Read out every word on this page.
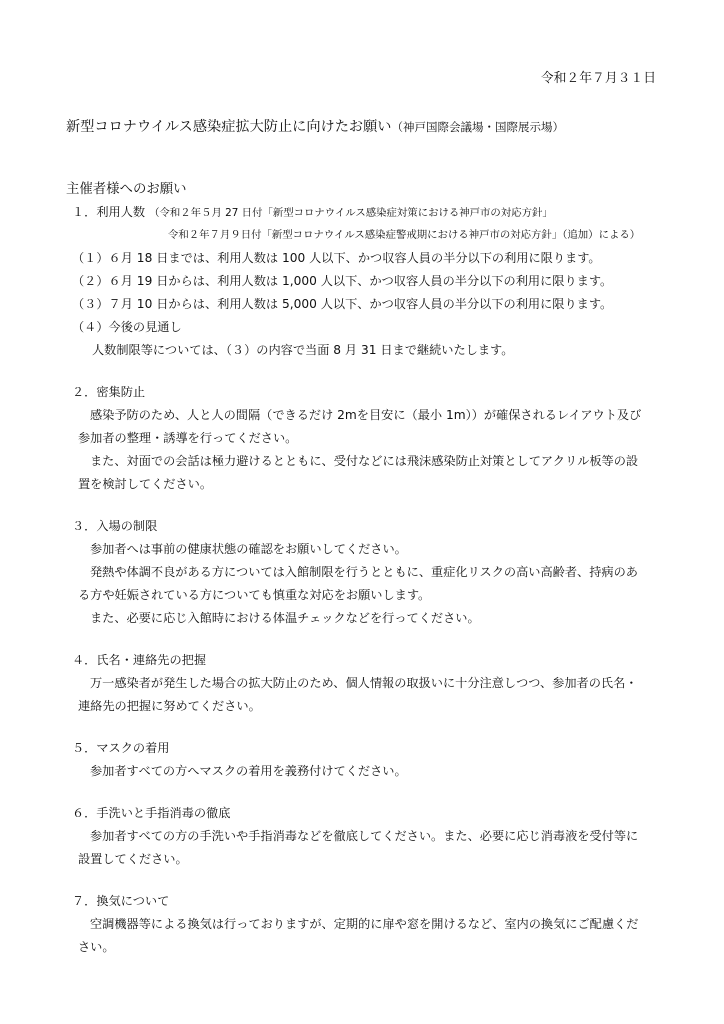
令和２年７月３１日
新型コロナウイルス感染症拡大防止に向けたお願い（神戸国際会議場・国際展示場）
主催者様へのお願い
１．利用人数 （令和２年５月 27 日付「新型コロナウイルス感染症対策における神戸市の対応方針」
令和２年７月９日付「新型コロナウイルス感染症警戒期における神戸市の対応方針」（追加）による）
（１）６月 18 日までは、利用人数は 100 人以下、かつ収容人員の半分以下の利用に限ります。
（２）６月 19 日からは、利用人数は 1,000 人以下、かつ収容人員の半分以下の利用に限ります。
（３）７月 10 日からは、利用人数は 5,000 人以下、かつ収容人員の半分以下の利用に限ります。
（４）今後の見通し
人数制限等については、（３）の内容で当面 8 月 31 日まで継続いたします。
２．密集防止
感染予防のため、人と人の間隔（できるだけ 2mを目安に（最小 1m））が確保されるレイアウト及び
参加者の整理・誘導を行ってください。
また、対面での会話は極力避けるとともに、受付などには飛沫感染防止対策としてアクリル板等の設
置を検討してください。
３．入場の制限
参加者へは事前の健康状態の確認をお願いしてください。
発熱や体調不良がある方については入館制限を行うとともに、重症化リスクの高い高齢者、持病のあ
る方や妊娠されている方についても慎重な対応をお願いします。
また、必要に応じ入館時における体温チェックなどを行ってください。
４．氏名・連絡先の把握
万一感染者が発生した場合の拡大防止のため、個人情報の取扱いに十分注意しつつ、参加者の氏名・
連絡先の把握に努めてください。
５．マスクの着用
参加者すべての方へマスクの着用を義務付けてください。
６．手洗いと手指消毒の徹底
参加者すべての方の手洗いや手指消毒などを徹底してください。また、必要に応じ消毒液を受付等に
設置してください。
７．換気について
空調機器等による換気は行っておりますが、定期的に扉や窓を開けるなど、室内の換気にご配慮くだ
さい。
